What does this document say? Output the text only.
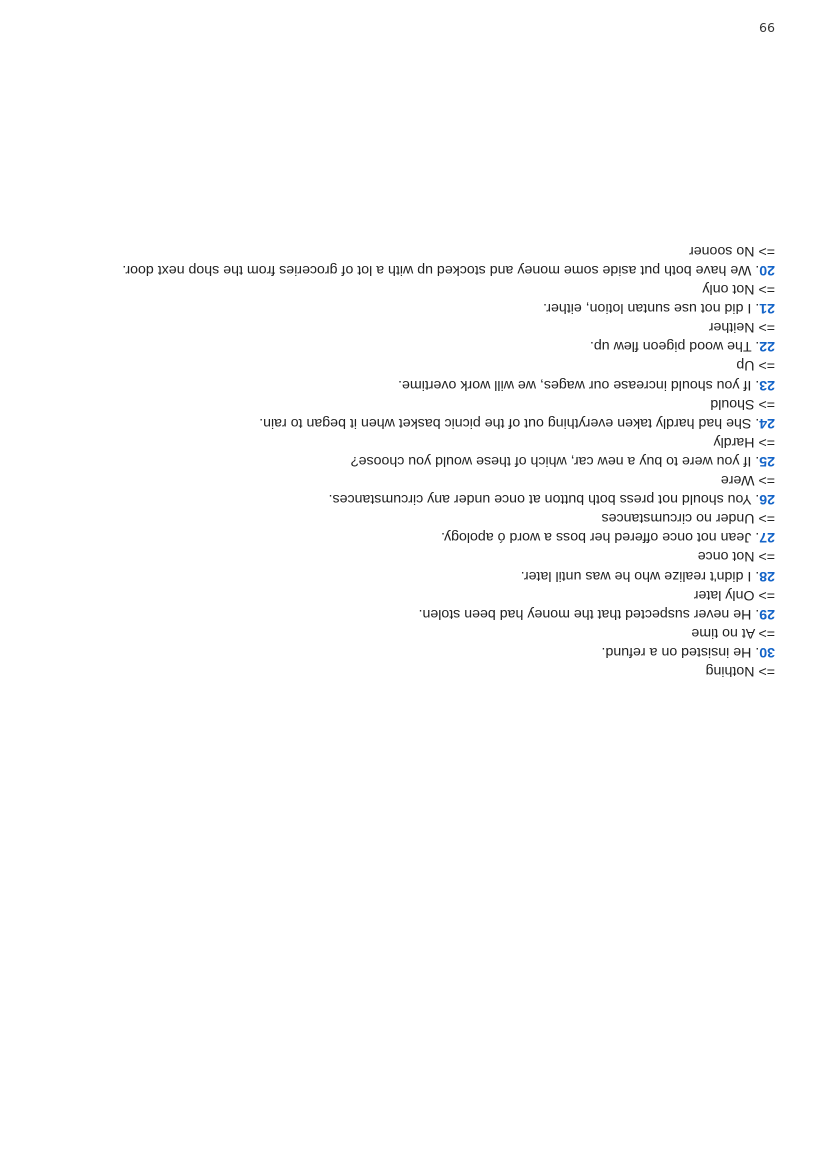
=> Nothing
30. He insisted on a refund.
=> At no time
29. He never suspected that the money had been stolen.
=> Only later
28. I didn't realize who he was until later.
=> Not once
27. Jean not once offered her boss a word ó apology.
=> Under no circumstances
26. You should not press both button at once under any circumstances.
=> Were
25. If you were to buy a new car, which of these would you choose?
=> Hardly
24. She had hardly taken everything out of the picnic basket when it began to rain.
=> Should
23. If you should increase our wages, we will work overtime.
=> Up
22. The wood pigeon flew up.
=> Neither
21. I did not use suntan lotion, either.
=> Not only
20. We have both put aside some money and stocked up with a lot of groceries from the shop next door.
=> No sooner
99
